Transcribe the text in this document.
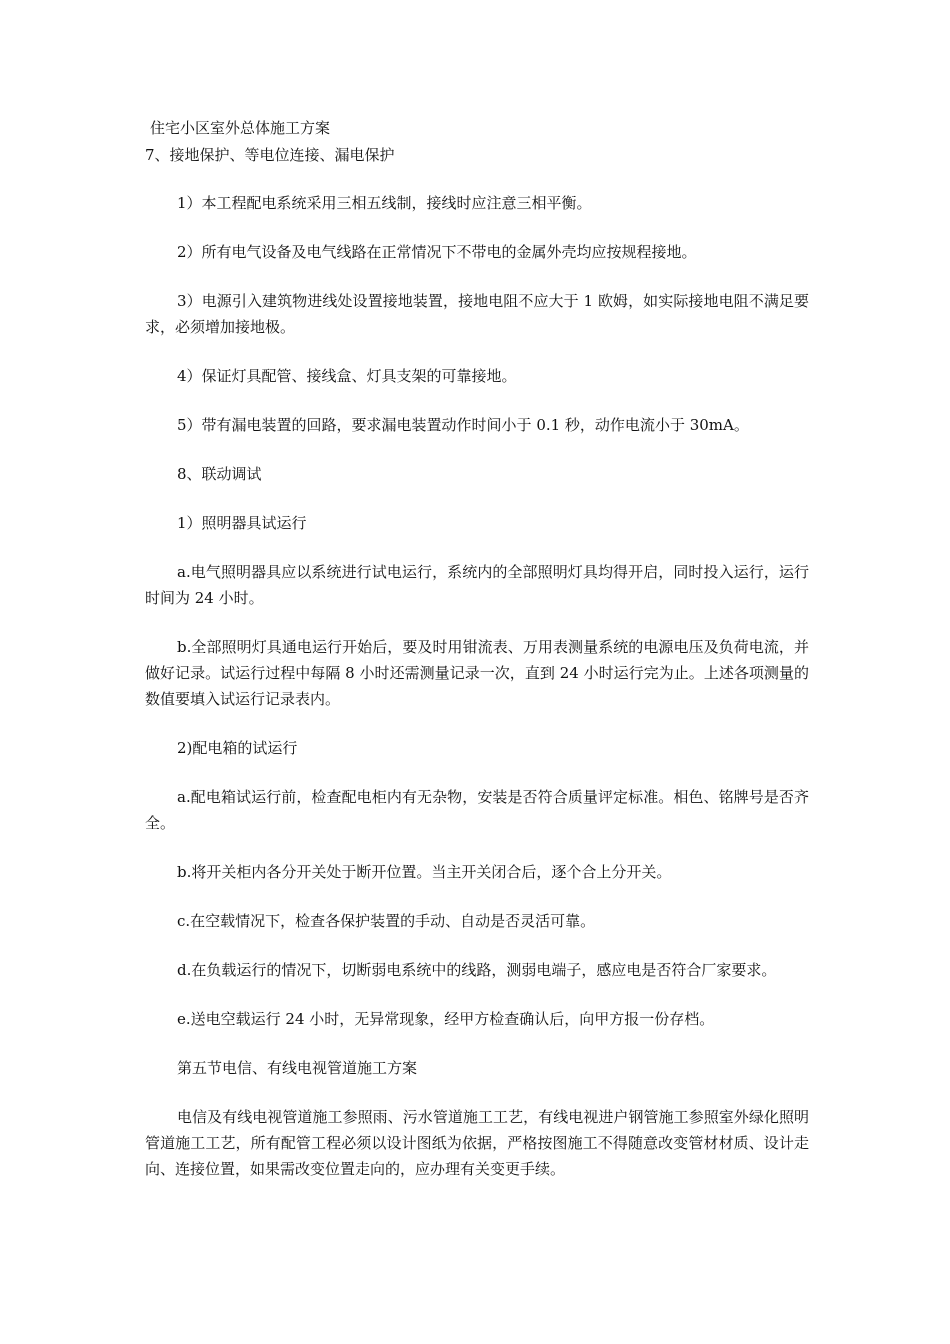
住宅小区室外总体施工方案
7、接地保护、等电位连接、漏电保护

1）本工程配电系统采用三相五线制，接线时应注意三相平衡。

2）所有电气设备及电气线路在正常情况下不带电的金属外壳均应按规程接地。

3）电源引入建筑物进线处设置接地装置，接地电阻不应大于 1 欧姆，如实际接地电阻不满足要求，必须增加接地极。

4）保证灯具配管、接线盒、灯具支架的可靠接地。

5）带有漏电装置的回路，要求漏电装置动作时间小于 0.1 秒，动作电流小于 30mA。

8、联动调试

1）照明器具试运行

a.电气照明器具应以系统进行试电运行，系统内的全部照明灯具均得开启，同时投入运行，运行时间为 24 小时。

b.全部照明灯具通电运行开始后，要及时用钳流表、万用表测量系统的电源电压及负荷电流，并做好记录。试运行过程中每隔 8 小时还需测量记录一次，直到 24 小时运行完为止。上述各项测量的数值要填入试运行记录表内。

2)配电箱的试运行

a.配电箱试运行前，检查配电柜内有无杂物，安装是否符合质量评定标准。相色、铭牌号是否齐全。

b.将开关柜内各分开关处于断开位置。当主开关闭合后，逐个合上分开关。

c.在空载情况下，检查各保护装置的手动、自动是否灵活可靠。

d.在负载运行的情况下，切断弱电系统中的线路，测弱电端子，感应电是否符合厂家要求。

e.送电空载运行 24 小时，无异常现象，经甲方检查确认后，向甲方报一份存档。

第五节电信、有线电视管道施工方案

电信及有线电视管道施工参照雨、污水管道施工工艺，有线电视进户钢管施工参照室外绿化照明管道施工工艺，所有配管工程必须以设计图纸为依据，严格按图施工不得随意改变管材材质、设计走向、连接位置，如果需改变位置走向的，应办理有关变更手续。
